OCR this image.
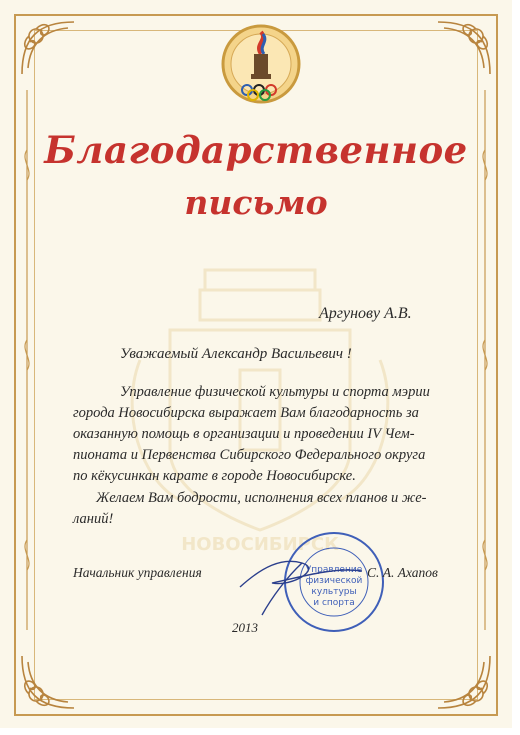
НОВОСИБИРСК
Благодарственное
письмо
Аргунову А.В.
Уважаемый Александр Васильевич !
Управление физической культуры и спорта мэрии
города Новосибирска выражает Вам благодарность за
оказанную помощь в организации и проведении IV Чем-
пионата и Первенства Сибирского Федерального округа
по кёкусинкан карате в городе Новосибирске.
Желаем Вам бодрости, исполнения всех планов и же-
ланий!
Управление
физической
культуры
и спорта
Начальник управления	С. А. Ахапов
2013
